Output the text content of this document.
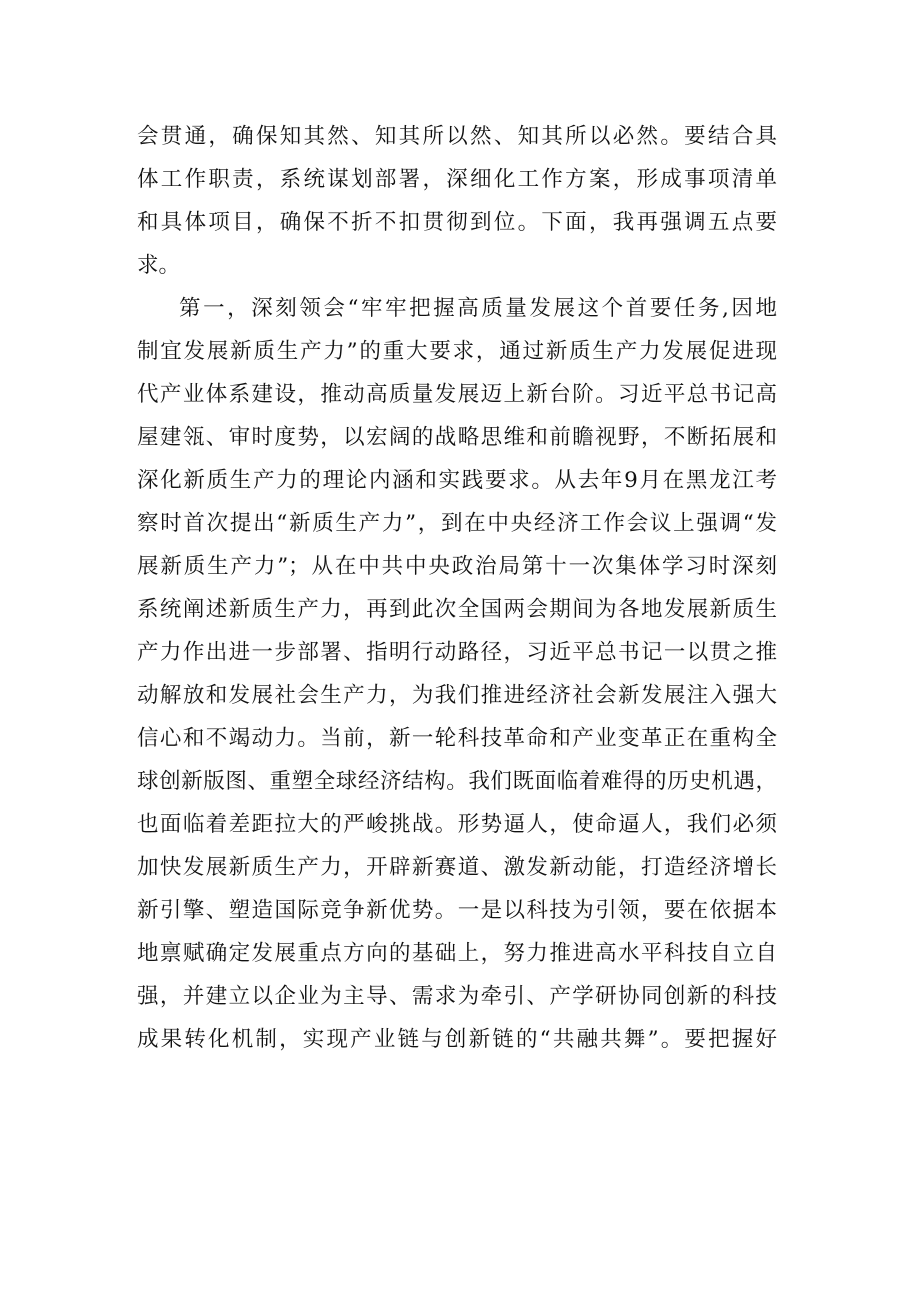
会贯通，确保知其然、知其所以然、知其所以必然。要结合具
体工作职责，系统谋划部署，深细化工作方案，形成事项清单
和具体项目，确保不折不扣贯彻到位。下面，我再强调五点要
求。
第一，深刻领会“牢牢把握高质量发展这个首要任务,因地
制宜发展新质生产力”的重大要求，通过新质生产力发展促进现
代产业体系建设，推动高质量发展迈上新台阶。习近平总书记高
屋建瓴、审时度势，以宏阔的战略思维和前瞻视野，不断拓展和
深化新质生产力的理论内涵和实践要求。从去年9月在黑龙江考
察时首次提出“新质生产力”，到在中央经济工作会议上强调“发
展新质生产力”；从在中共中央政治局第十一次集体学习时深刻
系统阐述新质生产力，再到此次全国两会期间为各地发展新质生
产力作出进一步部署、指明行动路径，习近平总书记一以贯之推
动解放和发展社会生产力，为我们推进经济社会新发展注入强大
信心和不竭动力。当前，新一轮科技革命和产业变革正在重构全
球创新版图、重塑全球经济结构。我们既面临着难得的历史机遇，
也面临着差距拉大的严峻挑战。形势逼人，使命逼人，我们必须
加快发展新质生产力，开辟新赛道、激发新动能，打造经济增长
新引擎、塑造国际竞争新优势。一是以科技为引领，要在依据本
地禀赋确定发展重点方向的基础上，努力推进高水平科技自立自
强，并建立以企业为主导、需求为牵引、产学研协同创新的科技
成果转化机制，实现产业链与创新链的“共融共舞”。要把握好
